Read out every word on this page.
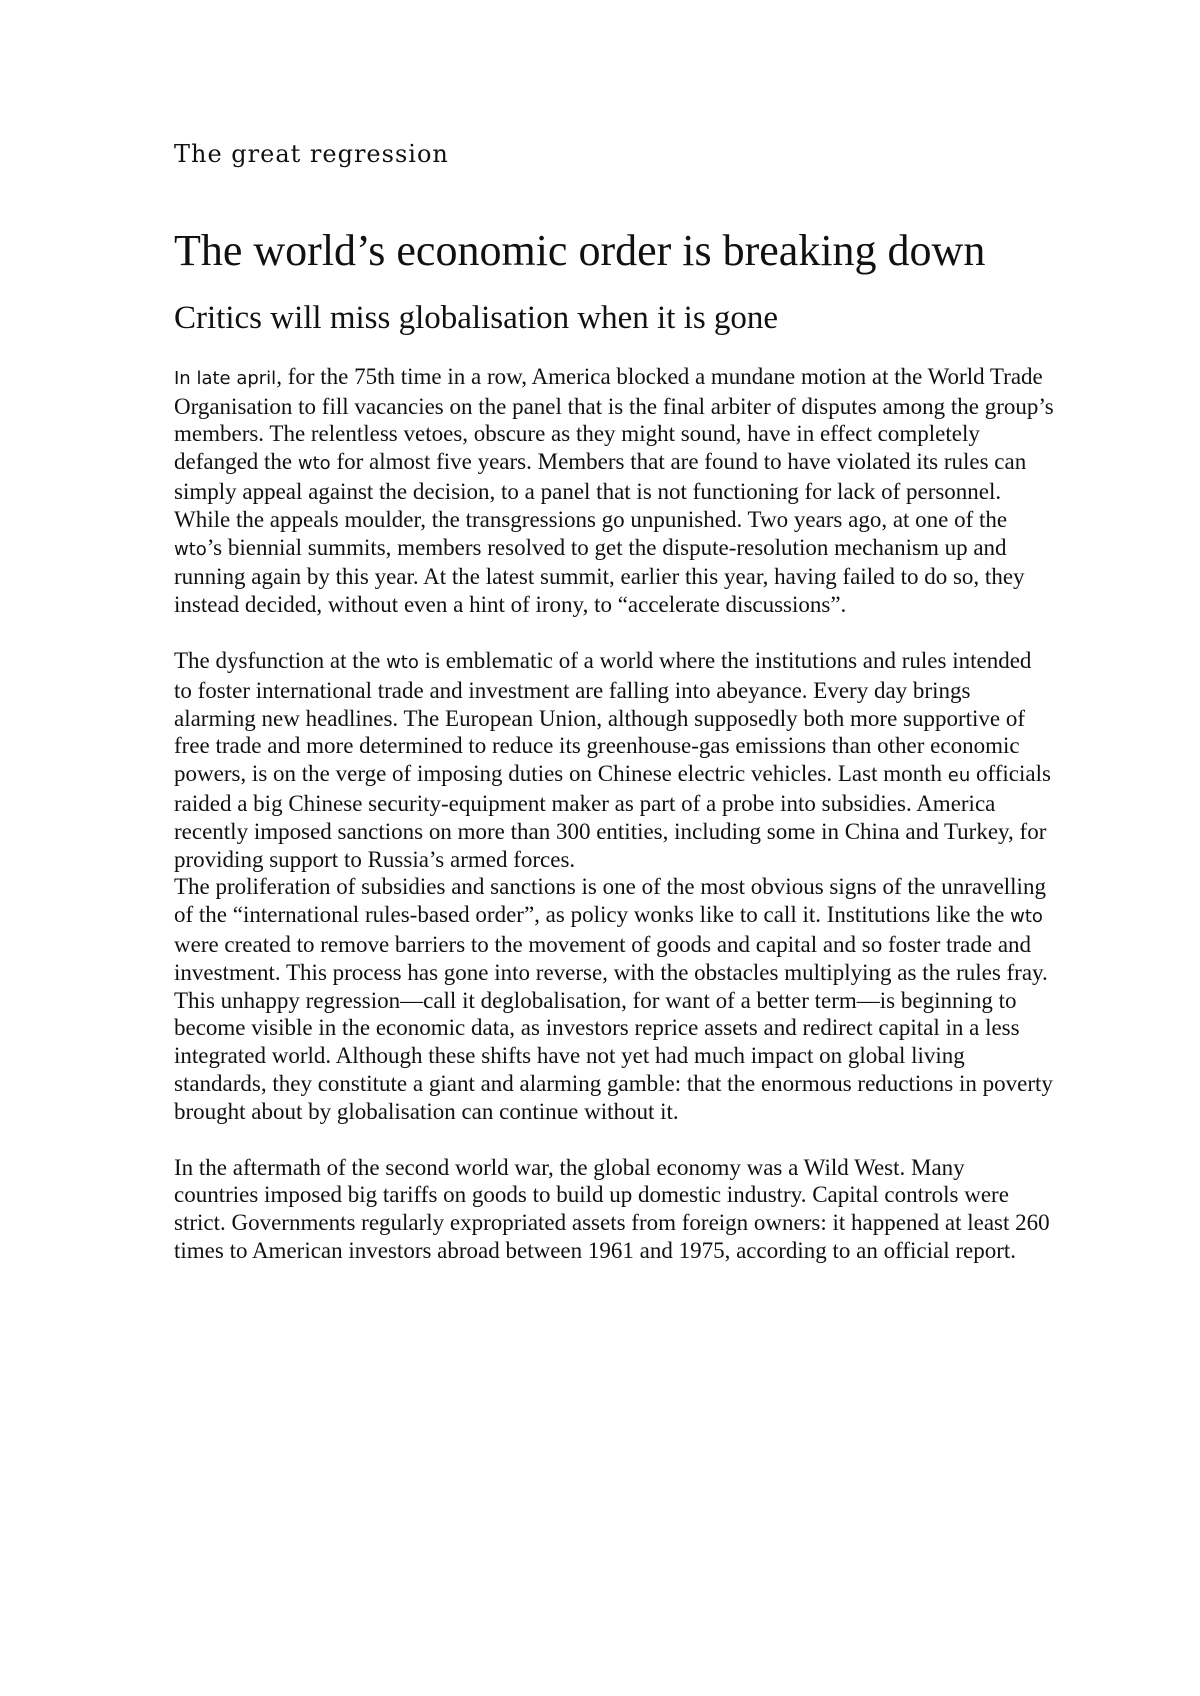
The great regression
The world’s economic order is breaking down
Critics will miss globalisation when it is gone

In late april, for the 75th time in a row, America blocked a mundane motion at the World Trade Organisation to fill vacancies on the panel that is the final arbiter of disputes among the group’s members. The relentless vetoes, obscure as they might sound, have in effect completely defanged the wto for almost five years. Members that are found to have violated its rules can simply appeal against the decision, to a panel that is not functioning for lack of personnel. While the appeals moulder, the transgressions go unpunished. Two years ago, at one of the wto’s biennial summits, members resolved to get the dispute-resolution mechanism up and running again by this year. At the latest summit, earlier this year, having failed to do so, they instead decided, without even a hint of irony, to “accelerate discussions”.

The dysfunction at the wto is emblematic of a world where the institutions and rules intended to foster international trade and investment are falling into abeyance. Every day brings alarming new headlines. The European Union, although supposedly both more supportive of free trade and more determined to reduce its greenhouse-gas emissions than other economic powers, is on the verge of imposing duties on Chinese electric vehicles. Last month eu officials raided a big Chinese security-equipment maker as part of a probe into subsidies. America recently imposed sanctions on more than 300 entities, including some in China and Turkey, for providing support to Russia’s armed forces.

The proliferation of subsidies and sanctions is one of the most obvious signs of the unravelling of the “international rules-based order”, as policy wonks like to call it. Institutions like the wto were created to remove barriers to the movement of goods and capital and so foster trade and investment. This process has gone into reverse, with the obstacles multiplying as the rules fray. This unhappy regression—call it deglobalisation, for want of a better term—is beginning to become visible in the economic data, as investors reprice assets and redirect capital in a less integrated world. Although these shifts have not yet had much impact on global living standards, they constitute a giant and alarming gamble: that the enormous reductions in poverty brought about by globalisation can continue without it.

In the aftermath of the second world war, the global economy was a Wild West. Many countries imposed big tariffs on goods to build up domestic industry. Capital controls were strict. Governments regularly expropriated assets from foreign owners: it happened at least 260 times to American investors abroad between 1961 and 1975, according to an official report.
